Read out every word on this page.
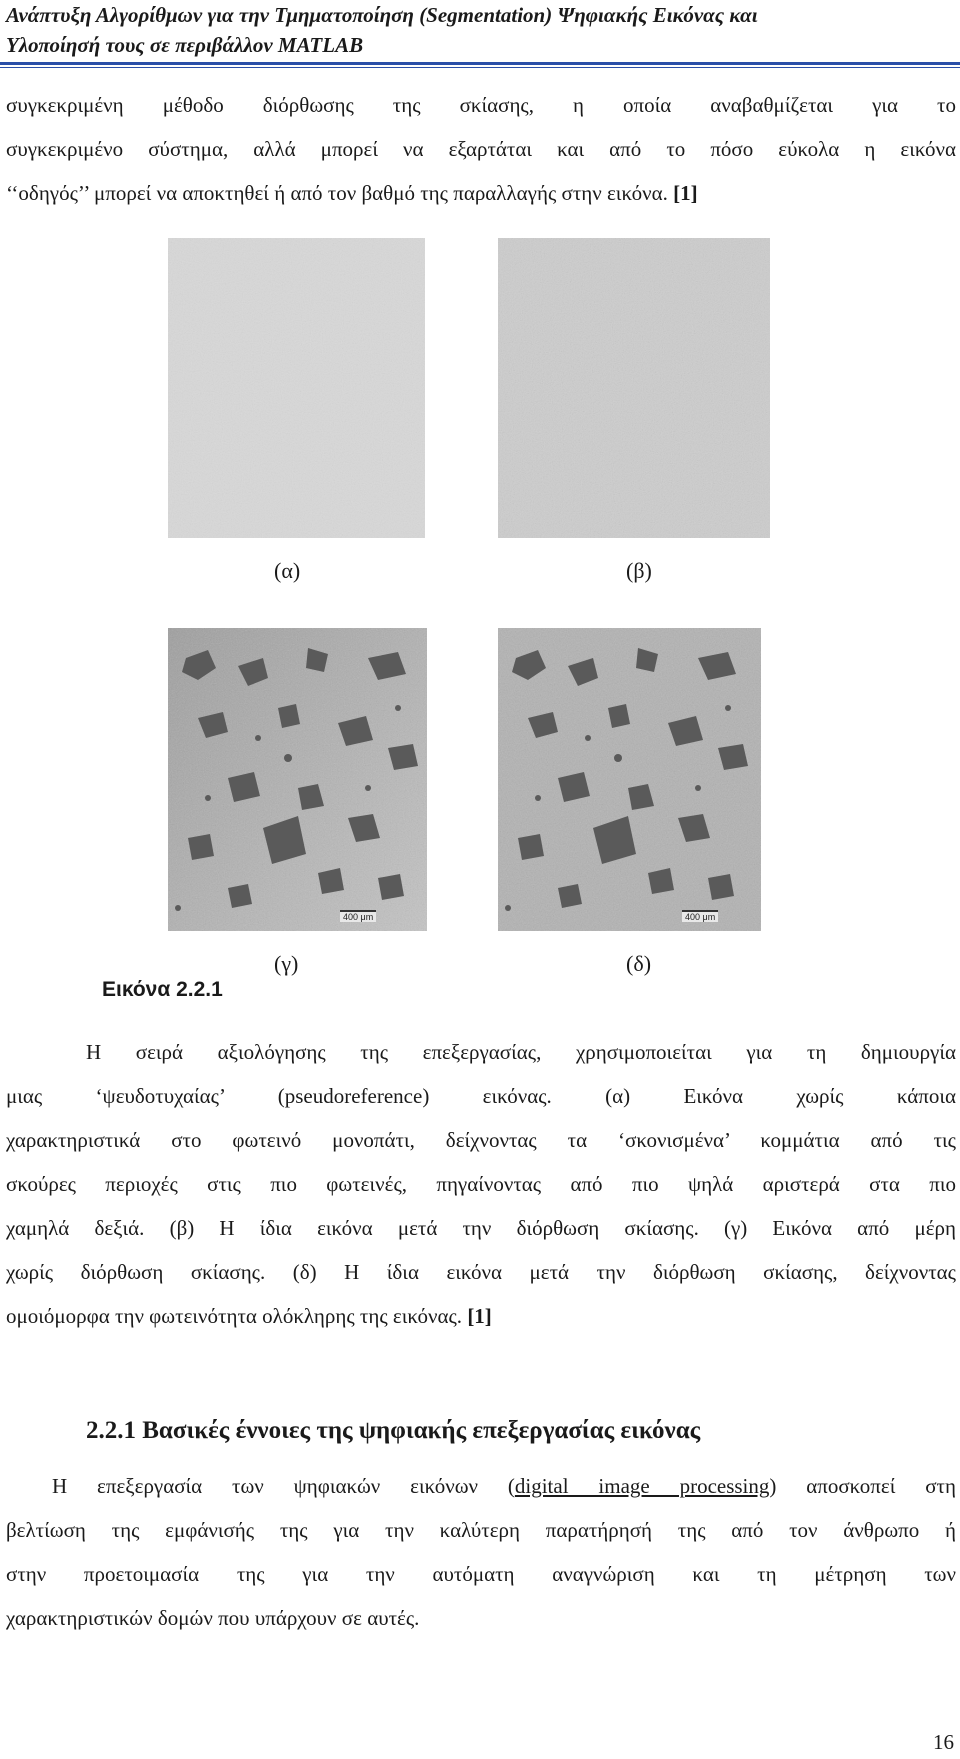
Ανάπτυξη Αλγορίθμων για την Τμηματοποίηση (Segmentation) Ψηφιακής Εικόνας και
Υλοποίησή τους σε περιβάλλον MATLAB
συγκεκριμένη μέθοδο διόρθωσης της σκίασης, η οποία αναβαθμίζεται για το
συγκεκριμένο σύστημα, αλλά μπορεί να εξαρτάται και από το πόσο εύκολα η εικόνα
‘‘οδηγός’’ μπορεί να αποκτηθεί ή από τον βαθμό της παραλλαγής στην εικόνα. [1]
(α)	(β)
400 μm	400 μm
(γ)	(δ)
Εικόνα 2.2.1
Η σειρά αξιολόγησης της επεξεργασίας, χρησιμοποιείται για τη δημιουργία
μιας ‘ψευδοτυχαίας’ (pseudoreference) εικόνας. (α) Εικόνα χωρίς κάποια
χαρακτηριστικά στο φωτεινό μονοπάτι, δείχνοντας τα ‘σκονισμένα’ κομμάτια από τις
σκούρες περιοχές στις πιο φωτεινές, πηγαίνοντας από πιο ψηλά αριστερά στα πιο
χαμηλά δεξιά. (β) Η ίδια εικόνα μετά την διόρθωση σκίασης. (γ) Εικόνα από μέρη
χωρίς διόρθωση σκίασης. (δ) Η ίδια εικόνα μετά την διόρθωση σκίασης, δείχνοντας
ομοιόμορφα την φωτεινότητα ολόκληρης της εικόνας. [1]
2.2.1 Βασικές έννοιες της ψηφιακής επεξεργασίας εικόνας
Η επεξεργασία των ψηφιακών εικόνων (digital image processing) αποσκοπεί στη
βελτίωση της εμφάνισής της για την καλύτερη παρατήρησή της από τον άνθρωπο ή
στην προετοιμασία της για την αυτόματη αναγνώριση και τη μέτρηση των
χαρακτηριστικών δομών που υπάρχουν σε αυτές.
16
